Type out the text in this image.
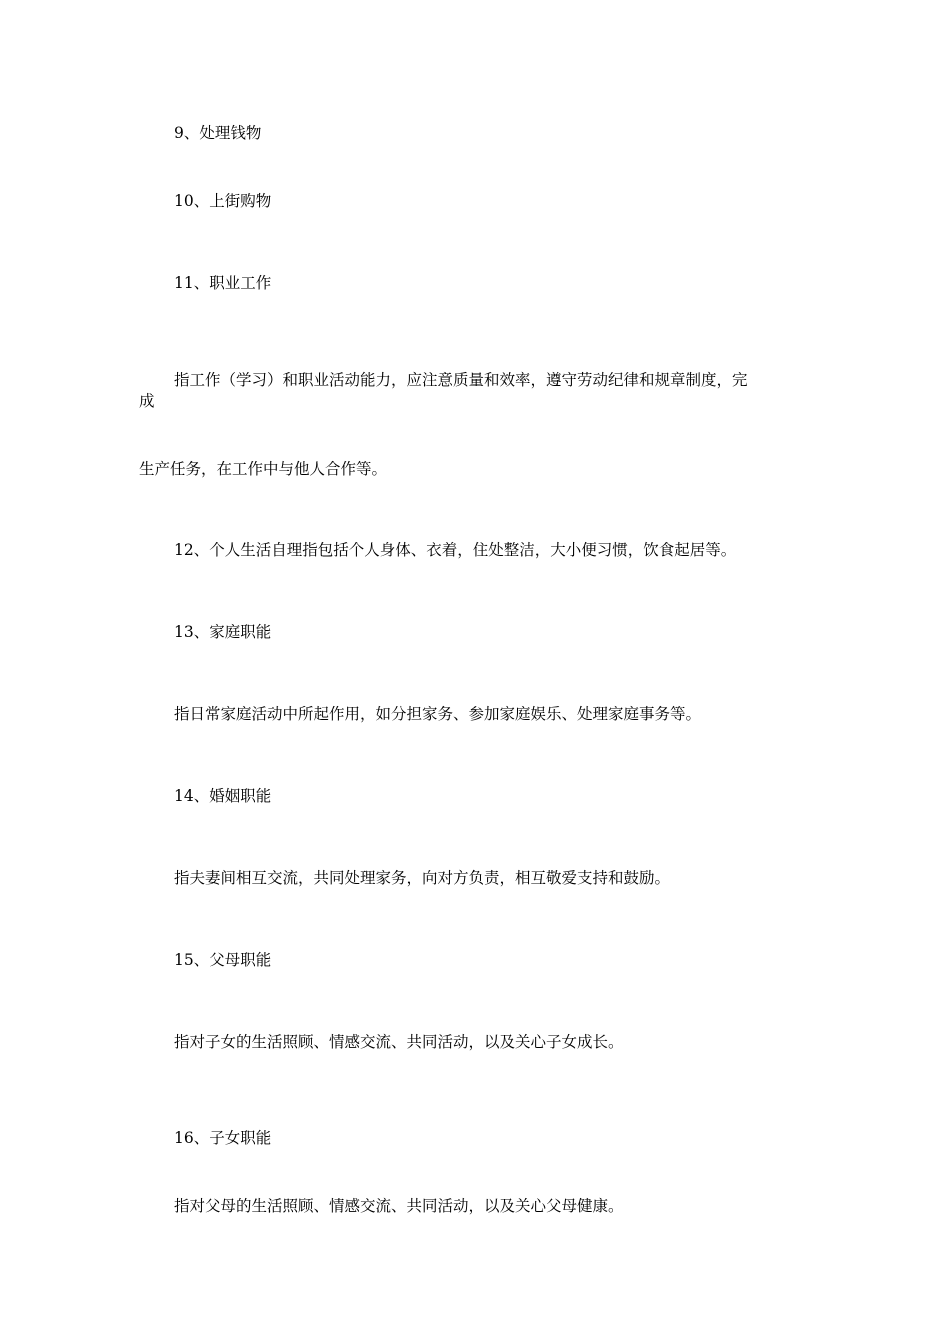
9、处理钱物

10、上街购物

11、职业工作

指工作（学习）和职业活动能力，应注意质量和效率，遵守劳动纪律和规章制度，完

成

生产任务，在工作中与他人合作等。

12、个人生活自理指包括个人身体、衣着，住处整洁，大小便习惯，饮食起居等。

13、家庭职能

指日常家庭活动中所起作用，如分担家务、参加家庭娱乐、处理家庭事务等。

14、婚姻职能

指夫妻间相互交流，共同处理家务，向对方负责，相互敬爱支持和鼓励。

15、父母职能

指对子女的生活照顾、情感交流、共同活动，以及关心子女成长。

16、子女职能

指对父母的生活照顾、情感交流、共同活动，以及关心父母健康。
